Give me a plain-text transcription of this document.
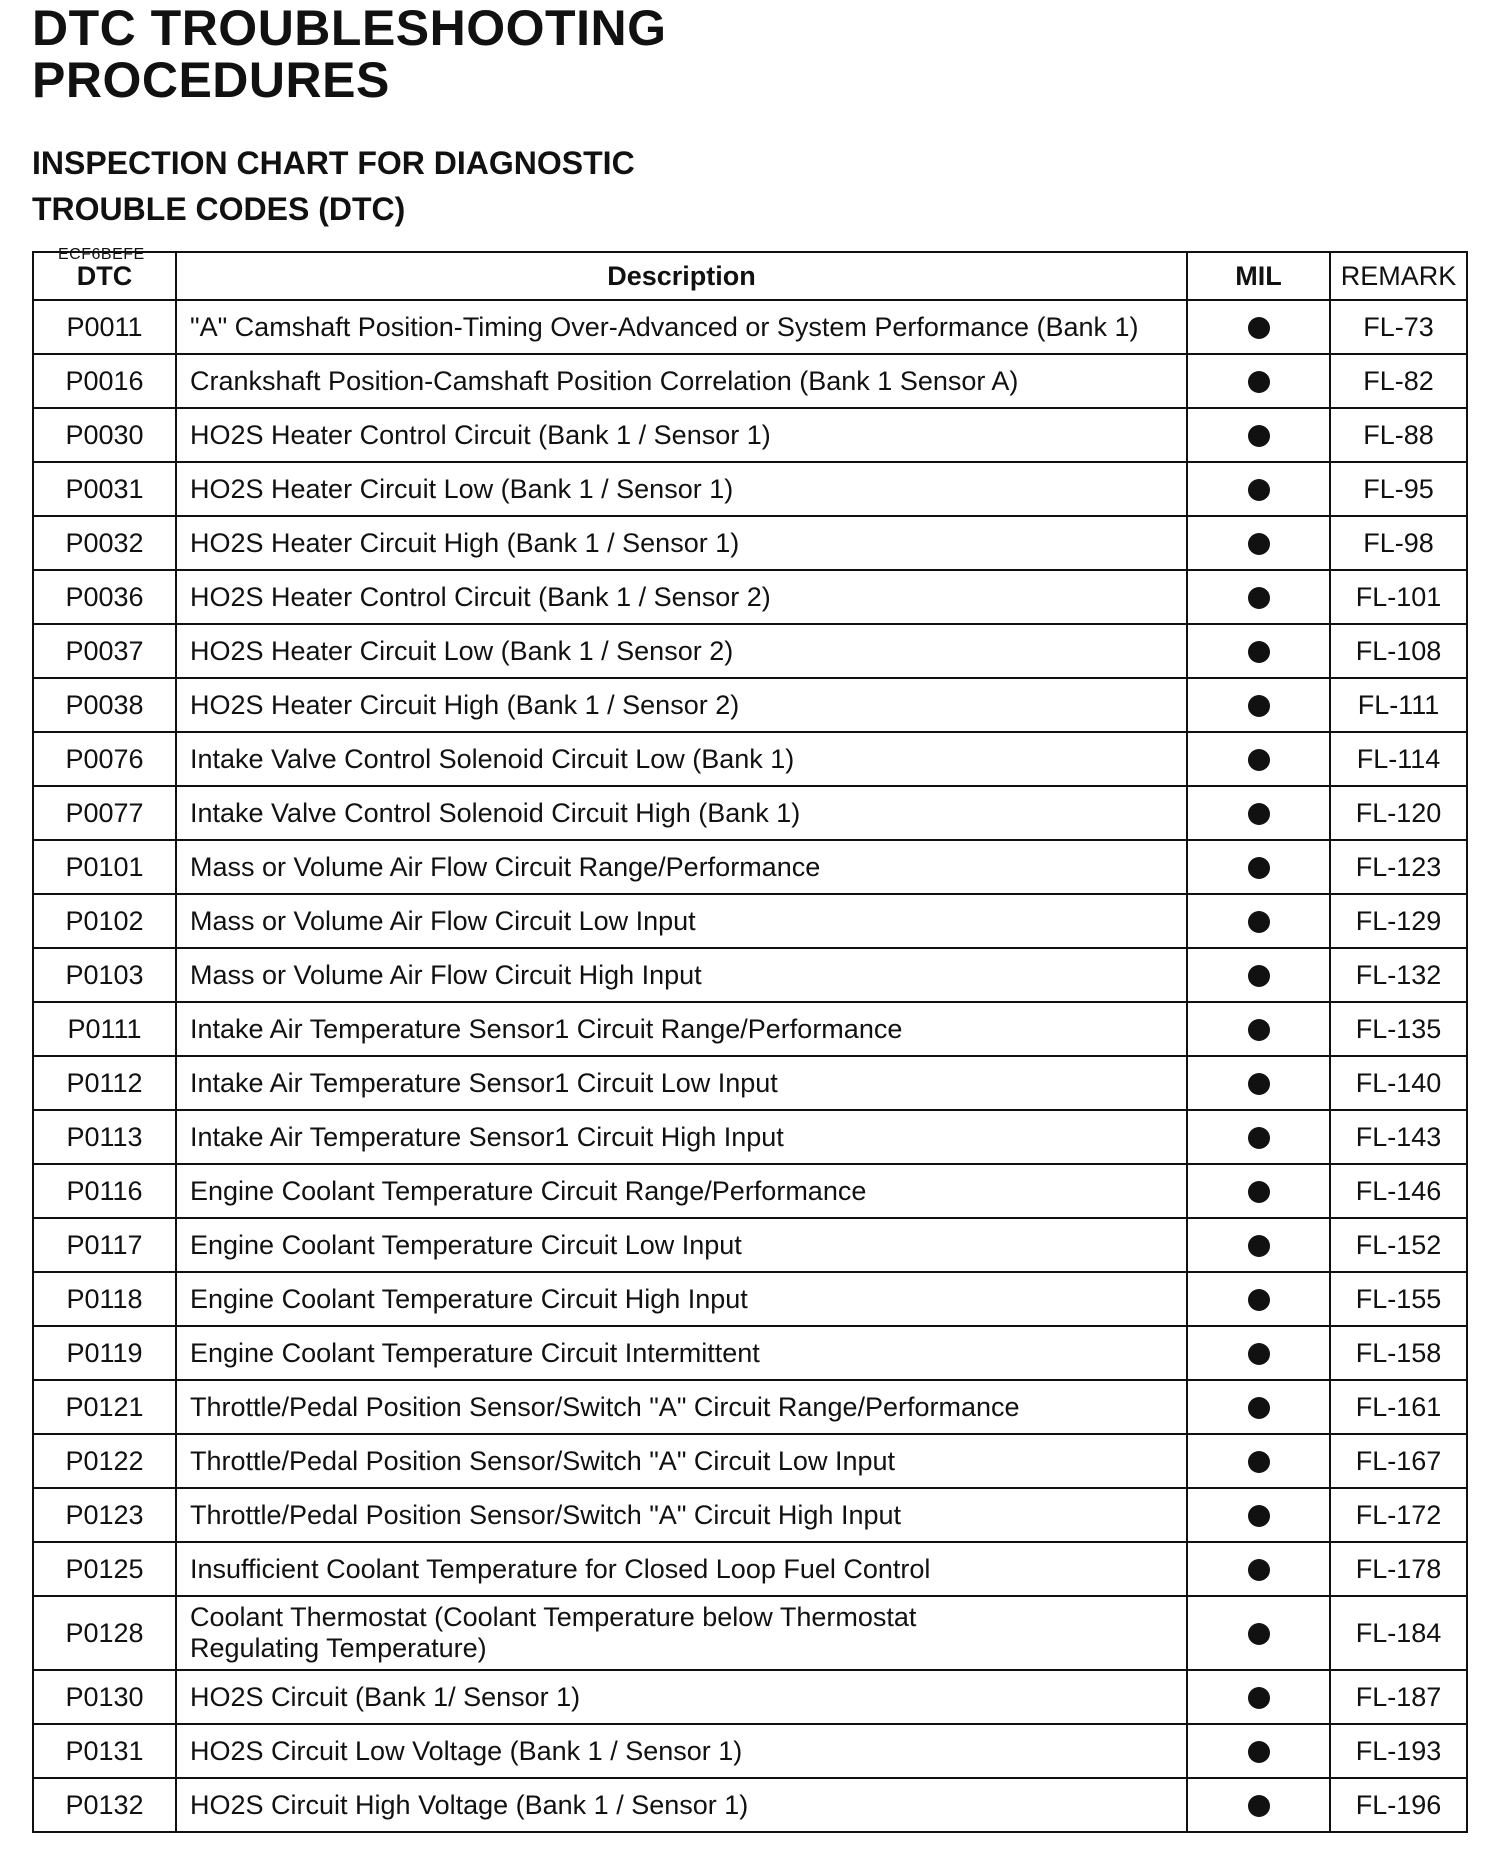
DTC TROUBLESHOOTING
PROCEDURES
INSPECTION CHART FOR DIAGNOSTIC
TROUBLE CODES (DTC)
ECF6BEFE
DTC	Description	MIL	REMARK
P0011	"A" Camshaft Position-Timing Over-Advanced or System Performance (Bank 1)		FL-73
P0016	Crankshaft Position-Camshaft Position Correlation (Bank 1 Sensor A)		FL-82
P0030	HO2S Heater Control Circuit (Bank 1 / Sensor 1)		FL-88
P0031	HO2S Heater Circuit Low (Bank 1 / Sensor 1)		FL-95
P0032	HO2S Heater Circuit High (Bank 1 / Sensor 1)		FL-98
P0036	HO2S Heater Control Circuit (Bank 1 / Sensor 2)		FL-101
P0037	HO2S Heater Circuit Low (Bank 1 / Sensor 2)		FL-108
P0038	HO2S Heater Circuit High (Bank 1 / Sensor 2)		FL-111
P0076	Intake Valve Control Solenoid Circuit Low (Bank 1)		FL-114
P0077	Intake Valve Control Solenoid Circuit High (Bank 1)		FL-120
P0101	Mass or Volume Air Flow Circuit Range/Performance		FL-123
P0102	Mass or Volume Air Flow Circuit Low Input		FL-129
P0103	Mass or Volume Air Flow Circuit High Input		FL-132
P0111	Intake Air Temperature Sensor1 Circuit Range/Performance		FL-135
P0112	Intake Air Temperature Sensor1 Circuit Low Input		FL-140
P0113	Intake Air Temperature Sensor1 Circuit High Input		FL-143
P0116	Engine Coolant Temperature Circuit Range/Performance		FL-146
P0117	Engine Coolant Temperature Circuit Low Input		FL-152
P0118	Engine Coolant Temperature Circuit High Input		FL-155
P0119	Engine Coolant Temperature Circuit Intermittent		FL-158
P0121	Throttle/Pedal Position Sensor/Switch "A" Circuit Range/Performance		FL-161
P0122	Throttle/Pedal Position Sensor/Switch "A" Circuit Low Input		FL-167
P0123	Throttle/Pedal Position Sensor/Switch "A" Circuit High Input		FL-172
P0125	Insufficient Coolant Temperature for Closed Loop Fuel Control		FL-178
P0128	Coolant Thermostat (Coolant Temperature below Thermostat
Regulating Temperature)		FL-184
P0130	HO2S Circuit (Bank 1/ Sensor 1)		FL-187
P0131	HO2S Circuit Low Voltage (Bank 1 / Sensor 1)		FL-193
P0132	HO2S Circuit High Voltage (Bank 1 / Sensor 1)		FL-196
